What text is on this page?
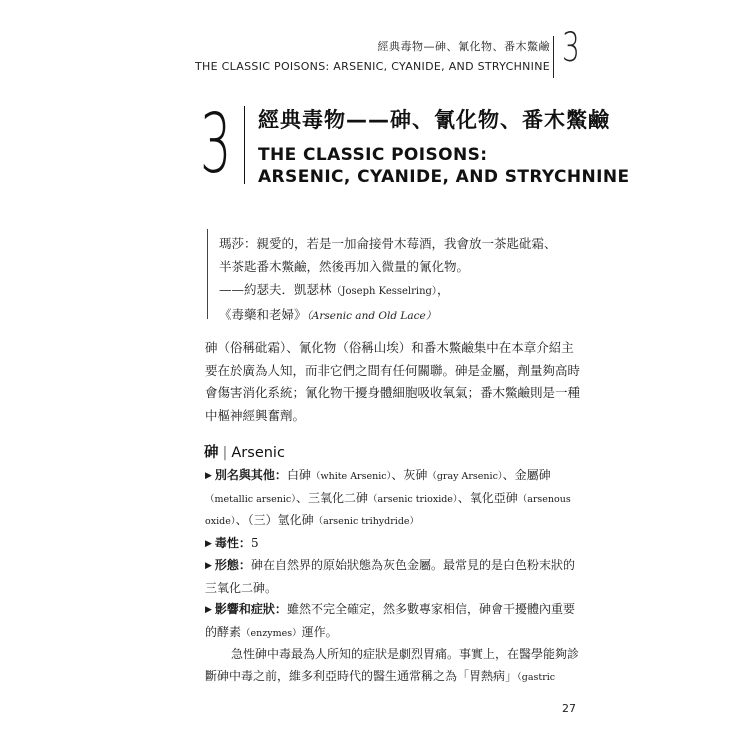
經典毒物—砷、氰化物、番木鱉鹼
THE CLASSIC POISONS: ARSENIC, CYANIDE, AND STRYCHNINE 3
3 經典毒物——砷、氰化物、番木鱉鹼
THE CLASSIC POISONS:
ARSENIC, CYANIDE, AND STRYCHNINE
瑪莎：親愛的，若是一加侖接骨木莓酒，我會放一茶匙砒霜、
半茶匙番木鱉鹼，然後再加入微量的氰化物。
——約瑟夫．凱瑟林（Joseph Kesselring），
《毒藥和老婦》（Arsenic and Old Lace）
砷（俗稱砒霜）、氰化物（俗稱山埃）和番木鱉鹼集中在本章介紹主要在於廣為人知，而非它們之間有任何關聯。砷是金屬，劑量夠高時會傷害消化系統；氰化物干擾身體細胞吸收氧氣；番木鱉鹼則是一種中樞神經興奮劑。
砷 | Arsenic

▶ 別名與其他：白砷（white Arsenic）、灰砷（gray Arsenic）、金屬砷（metallic arsenic）、三氧化二砷（arsenic trioxide）、氧化亞砷（arsenous oxide）、（三）氫化砷（arsenic trihydride）

▶ 毒性：5

▶ 形態：砷在自然界的原始狀態為灰色金屬。最常見的是白色粉末狀的三氧化二砷。

▶ 影響和症狀：雖然不完全確定，然多數專家相信，砷會干擾體內重要的酵素（enzymes）運作。

急性砷中毒最為人所知的症狀是劇烈胃痛。事實上，在醫學能夠診斷砷中毒之前，維多利亞時代的醫生通常稱之為「胃熱病」（gastric

27
